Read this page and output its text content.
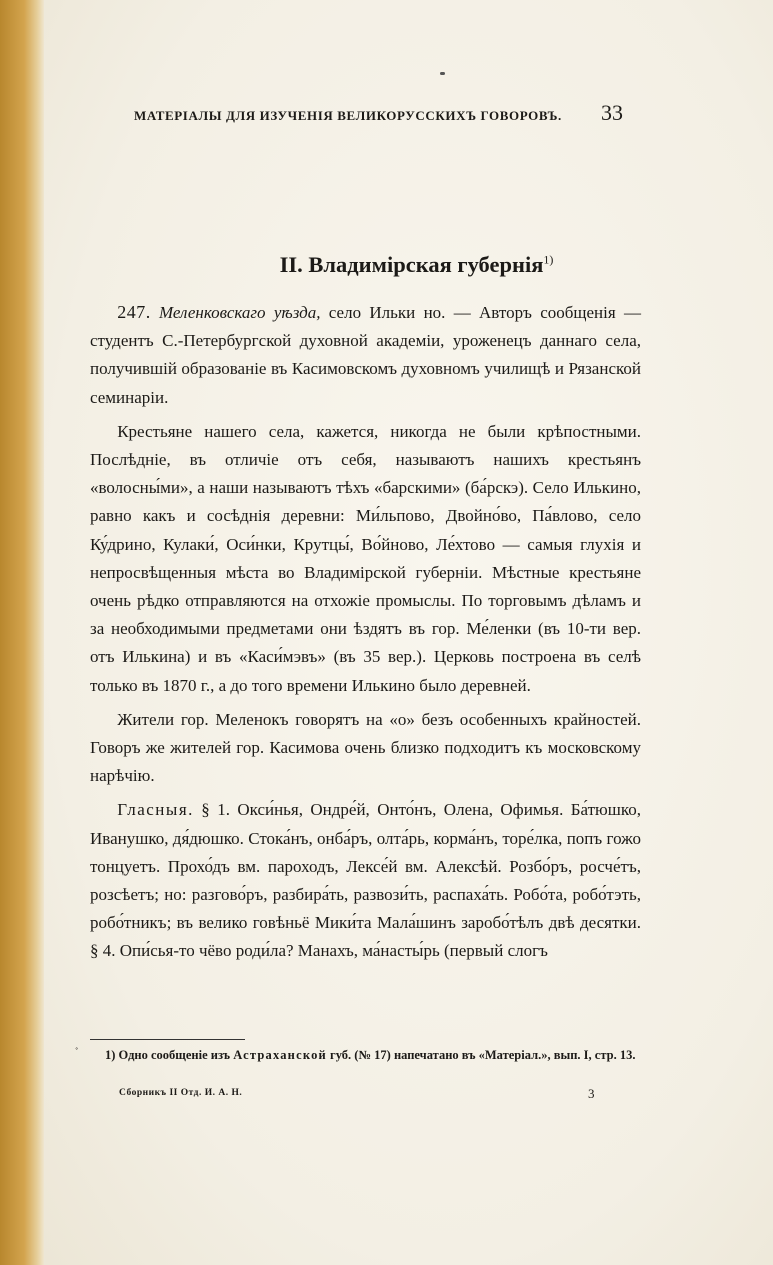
МАТЕРІАЛЫ ДЛЯ ИЗУЧЕНІЯ ВЕЛИКОРУССКИХЪ ГОВОРОВЪ. 33
II. Владимірская губернія$^{1)}$

247. Меленковскаго уѣзда, село Ильки но. — Авторъ сообщенія — студентъ С.-Петербургской духовной академіи, уроженецъ даннаго села, получившій образованіе въ Касимовскомъ духовномъ училищѣ и Рязанской семинаріи.

Крестьяне нашего села, кажется, никогда не были крѣпостными. Послѣдніе, въ отличіе отъ себя, называютъ нашихъ крестьянъ «волосны́ми», а наши называютъ тѣхъ «барскими» (ба́рскэ). Село Илькино, равно какъ и сосѣднія деревни: Ми́льпово, Двойно́во, Па́влово, село Ку́дрино, Кулаки́, Оси́нки, Крутцы́, Во́йново, Ле́хтово — самыя глухія и непросвѣщенныя мѣста во Владимірской губерніи. Мѣстные крестьяне очень рѣдко отправляются на отхожіе промыслы. По торговымъ дѣламъ и за необходимыми предметами они ѣздятъ въ гор. Ме́ленки (въ 10-ти вер. отъ Илькина) и въ «Каси́мэвъ» (въ 35 вер.). Церковь построена въ селѣ только въ 1870 г., а до того времени Илькино было деревней.

Жители гор. Меленокъ говорятъ на «о» безъ особенныхъ крайностей. Говоръ же жителей гор. Касимова очень близко подходитъ къ московскому нарѣчію.

Гласныя. § 1. Окси́нья, Ондре́й, Онто́нъ, Олена, Офимья. Ба́тюшко, Иванушко, дя́дюшко. Стока́нъ, онба́ръ, олта́рь, корма́нъ, торе́лка, попъ гожо тонцуетъ. Прохо́дъ вм. пароходъ, Лексе́й вм. Алексѣй. Розбо́ръ, росче́тъ, розсѣетъ; но: разгово́ръ, разбира́ть, развози́ть, распаха́ть. Робо́та, робо́тэть, робо́тникъ; въ велико говѣньё Мики́та Мала́шинъ заробо́тѣлъ двѣ десятки. § 4. Опи́сья-то чёво роди́ла? Манахъ, ма́насты́рь (первый слогъ

˚	1) Одно сообщеніе изъ Астраханской губ. (№ 17) напечатано въ «Матеріал.», вып. I, стр. 13.
Сборникъ II Отд. И. А. Н.	3
